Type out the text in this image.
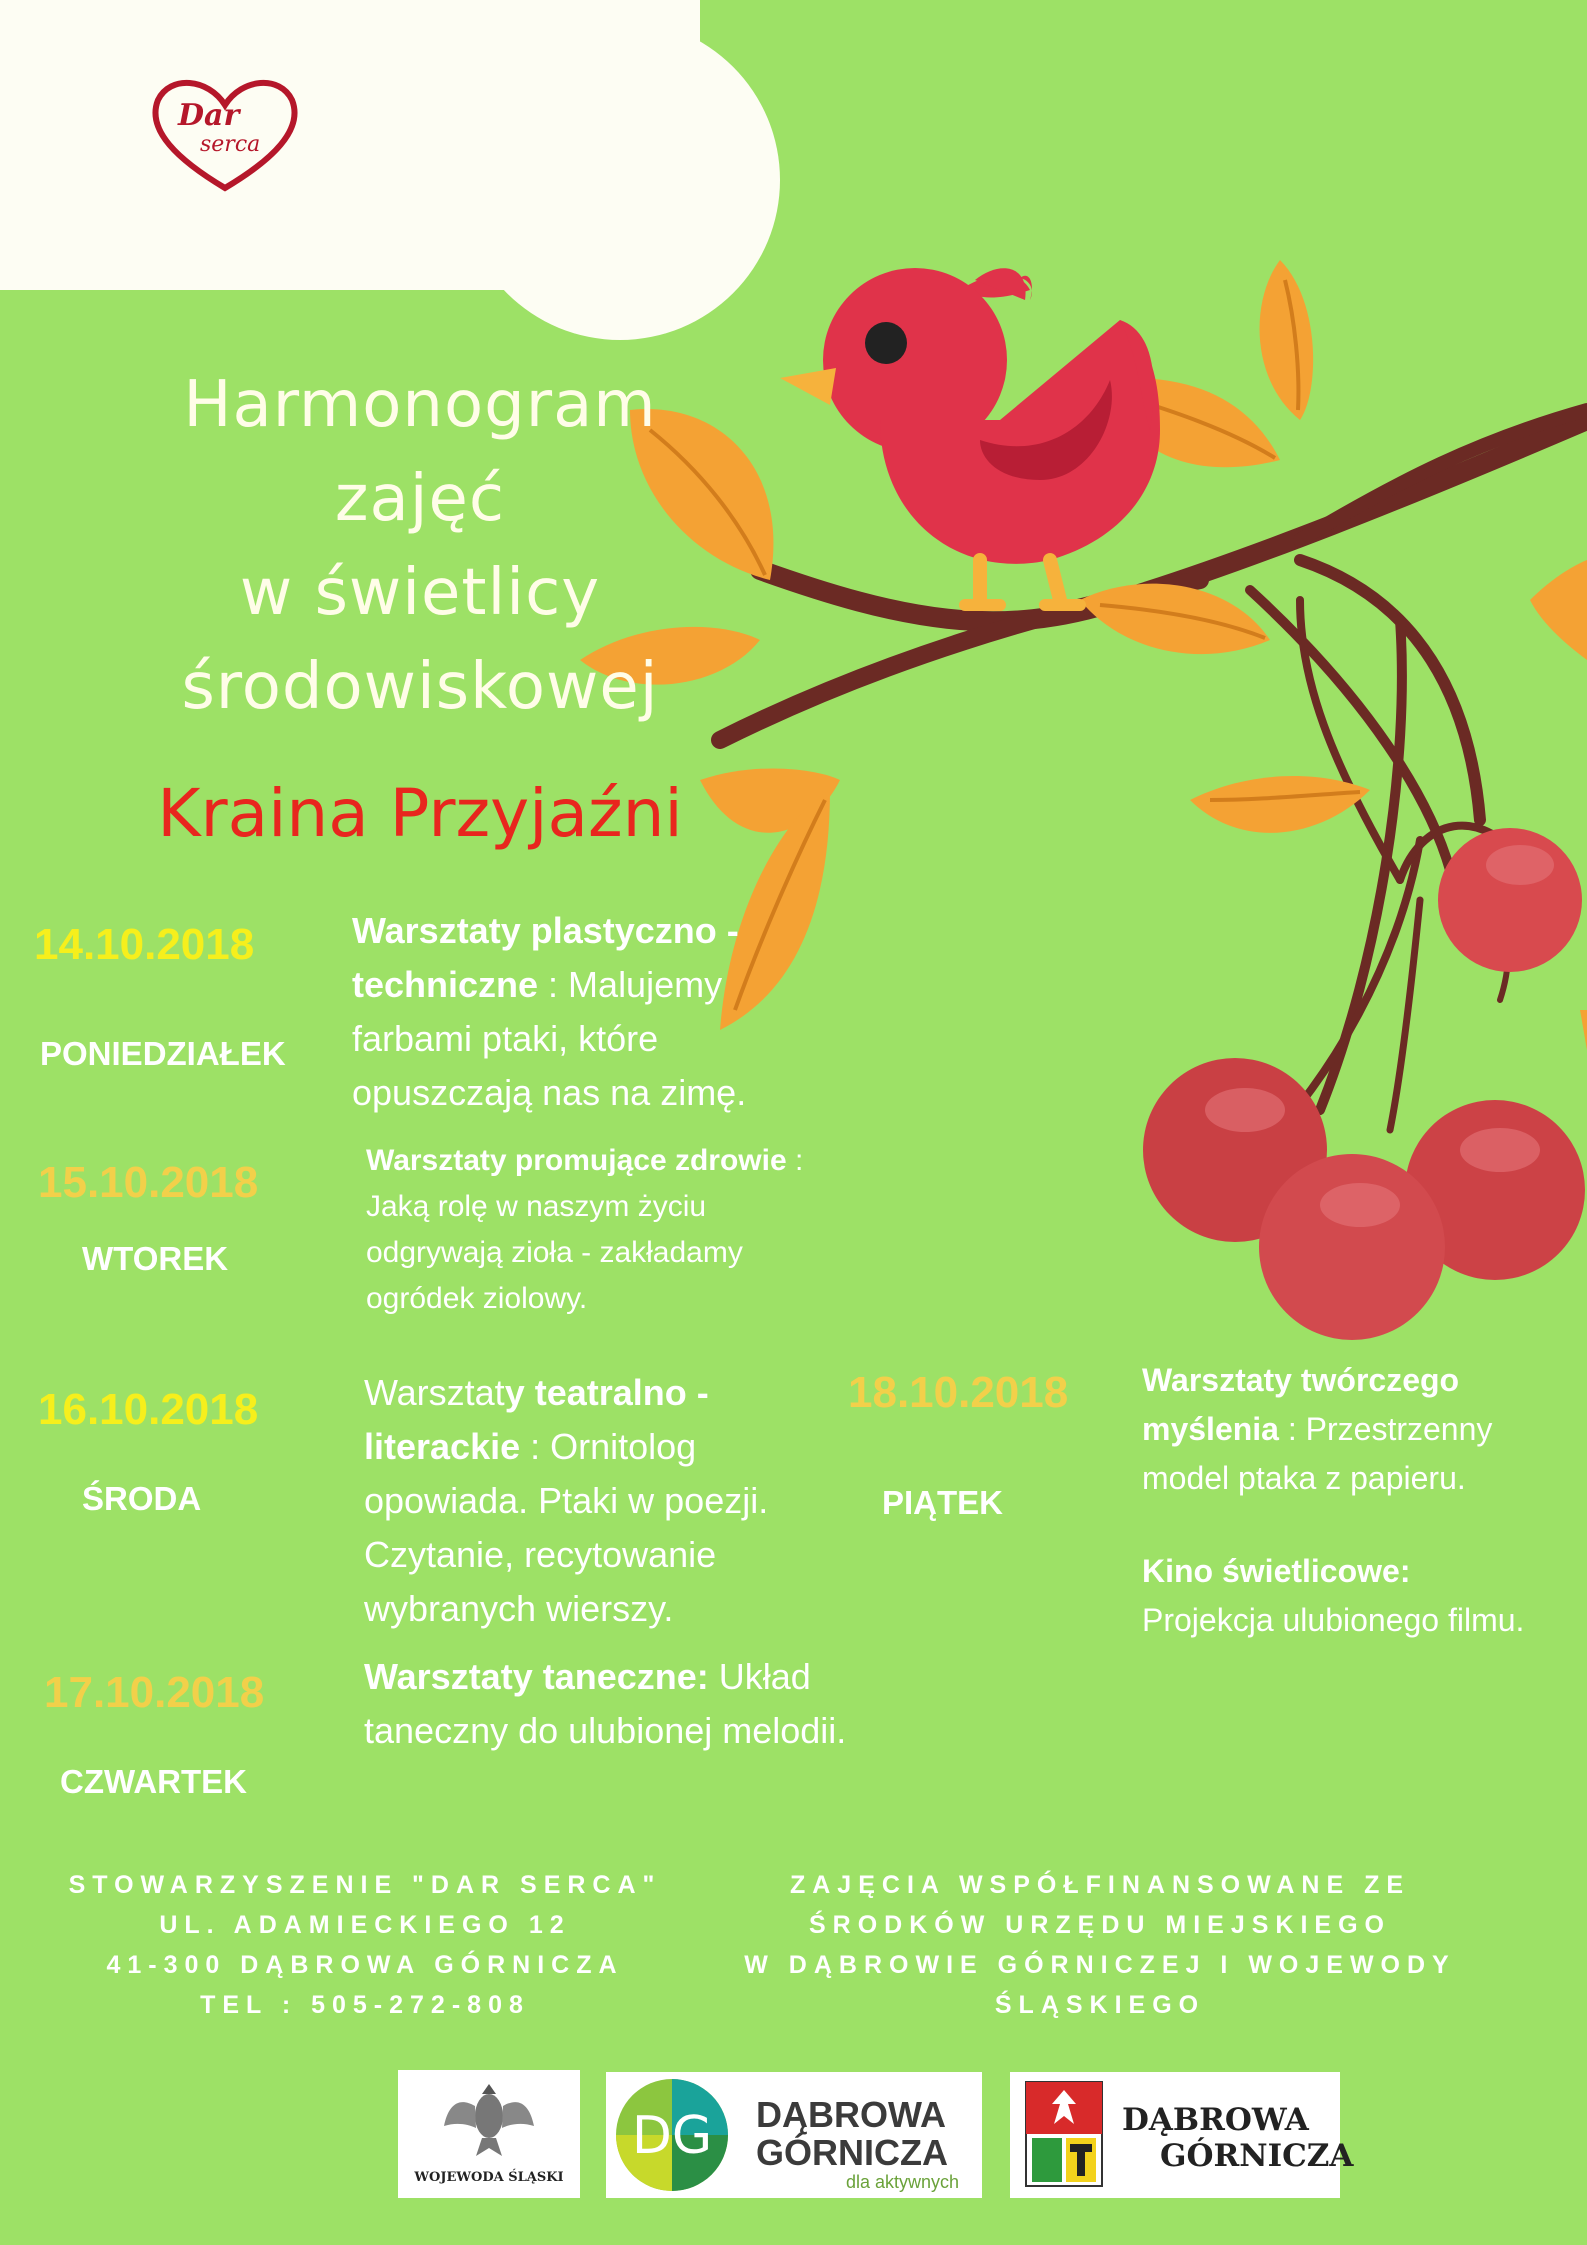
Dar
serca
Harmonogram
zajęć
w świetlicy
środowiskowej
Kraina Przyjaźni
14.10.2018
PONIEDZIAŁEK
Warsztaty plastyczno - techniczne : Malujemy farbami ptaki, które opuszczają nas na zimę.
15.10.2018
WTOREK
Warsztaty promujące zdrowie : Jaką rolę w naszym życiu odgrywają zioła - zakładamy ogródek ziolowy.
16.10.2018
ŚRODA
Warsztaty teatralno - literackie : Ornitolog opowiada. Ptaki w poezji. Czytanie, recytowanie wybranych wierszy.
17.10.2018
CZWARTEK
Warsztaty taneczne: Układ taneczny do ulubionej melodii.
18.10.2018
PIĄTEK
Warsztaty twórczego myślenia : Przestrzenny model ptaka z papieru.
Kino świetlicowe:
Projekcja ulubionego filmu.
STOWARZYSZENIE "DAR SERCA"
UL. ADAMIECKIEGO 12
41-300 DĄBROWA GÓRNICZA
TEL : 505-272-808
ZAJĘCIA WSPÓŁFINANSOWANE ZE
ŚRODKÓW URZĘDU MIEJSKIEGO
W DĄBROWIE GÓRNICZEJ I WOJEWODY
ŚLĄSKIEGO
WOJEWODA ŚLĄSKI
DG DĄBROWA
GÓRNICZA
dla aktywnych
DĄBROWA
GÓRNICZA
